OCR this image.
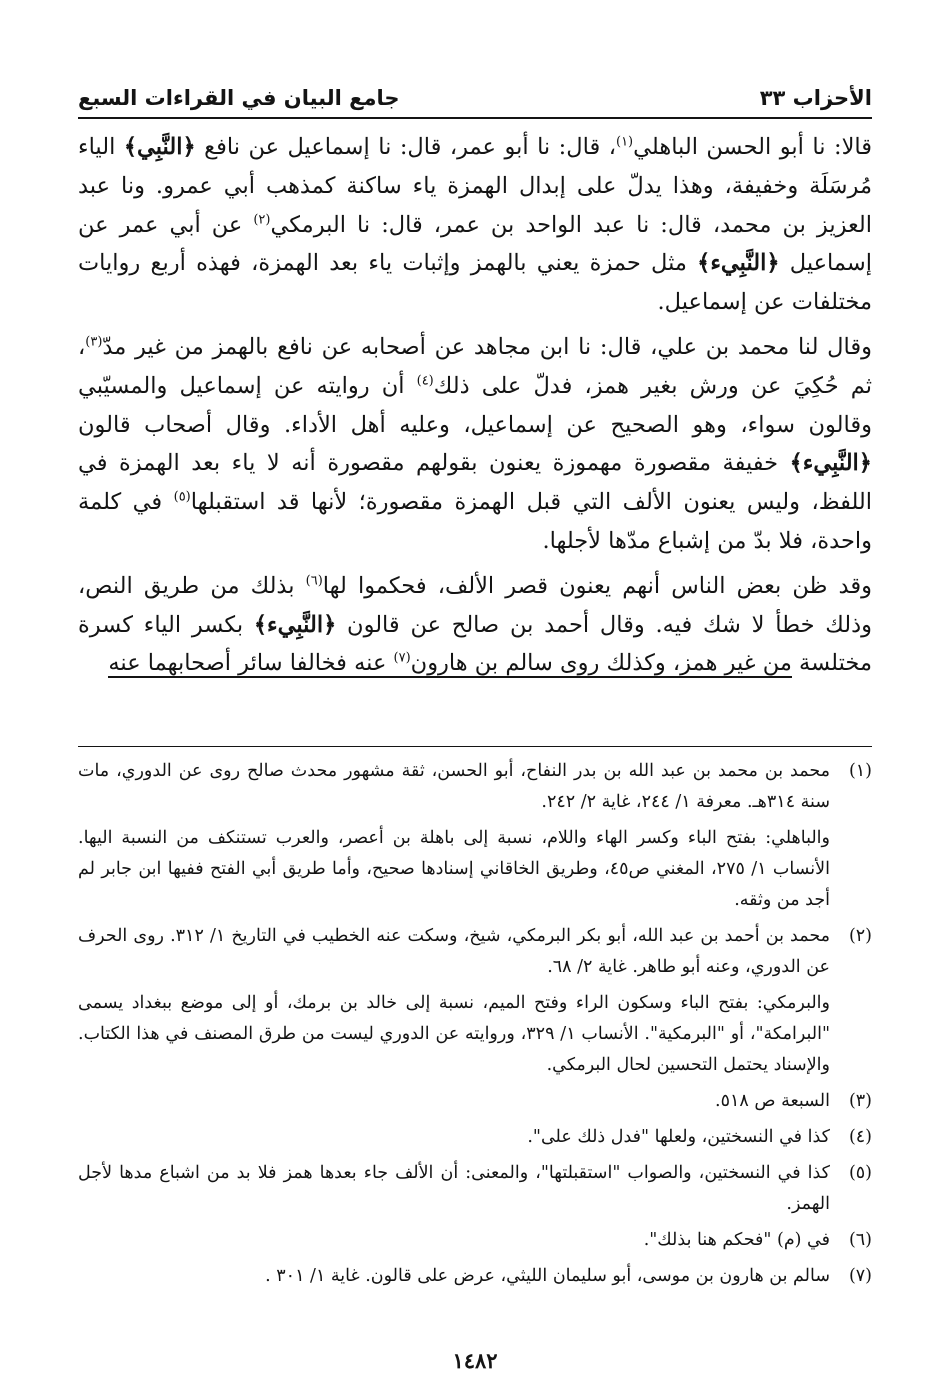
الأحزاب ٣٣
جامع البيان في القراءات السبع

قالا: نا أبو الحسن الباهلي$^{(١)}$، قال: نا أبو عمر، قال: نا إسماعيل عن نافع ﴿النَّبِي﴾ الياء مُرسَلَة وخفيفة، وهذا يدلّ على إبدال الهمزة ياء ساكنة كمذهب أبي عمرو. ونا عبد العزيز بن محمد، قال: نا عبد الواحد بن عمر، قال: نا البرمكي$^{(٢)}$ عن أبي عمر عن إسماعيل ﴿النَّبِيء﴾ مثل حمزة يعني بالهمز وإثبات ياء بعد الهمزة، فهذه أربع روايات مختلفات عن إسماعيل.

وقال لنا محمد بن علي، قال: نا ابن مجاهد عن أصحابه عن نافع بالهمز من غير مدّ$^{(٣)}$، ثم حُكِيَ عن ورش بغير همز، فدلّ على ذلك$^{(٤)}$ أن روايته عن إسماعيل والمسيّبي وقالون سواء، وهو الصحيح عن إسماعيل، وعليه أهل الأداء. وقال أصحاب قالون ﴿النَّبِيء﴾ خفيفة مقصورة مهموزة يعنون بقولهم مقصورة أنه لا ياء بعد الهمزة في اللفظ، وليس يعنون الألف التي قبل الهمزة مقصورة؛ لأنها قد استقبلها$^{(٥)}$ في كلمة واحدة، فلا بدّ من إشباع مدّها لأجلها.

وقد ظن بعض الناس أنهم يعنون قصر الألف، فحكموا لها$^{(٦)}$ بذلك من طريق النص، وذلك خطأ لا شك فيه. وقال أحمد بن صالح عن قالون ﴿النَّبِيء﴾ بكسر الياء كسرة مختلسة من غير همز، وكذلك روى سالم بن هارون$^{(٧)}$ عنه فخالفا سائر أصحابهما عنه

(١)

محمد بن محمد بن عبد الله بن بدر النفاح، أبو الحسن، ثقة مشهور محدث صالح روى عن الدوري، مات سنة ٣١٤هـ. معرفة ١/ ٢٤٤، غاية ٢/ ٢٤٢.

والباهلي: بفتح الباء وكسر الهاء واللام، نسبة إلى باهلة بن أعصر، والعرب تستنكف من النسبة اليها. الأنساب ١/ ٢٧٥، المغني ص٤٥، وطريق الخاقاني إسنادها صحيح، وأما طريق أبي الفتح ففيها ابن جابر لم أجد من وثقه.

(٢)

محمد بن أحمد بن عبد الله، أبو بكر البرمكي، شيخ، وسكت عنه الخطيب في التاريخ ١/ ٣١٢. روى الحرف عن الدوري، وعنه أبو طاهر. غاية ٢/ ٦٨.

والبرمكي: بفتح الباء وسكون الراء وفتح الميم، نسبة إلى خالد بن برمك، أو إلى موضع ببغداد يسمى "البرامكة"، أو "البرمكية". الأنساب ١/ ٣٢٩، وروايته عن الدوري ليست من طرق المصنف في هذا الكتاب. والإسناد يحتمل التحسين لحال البرمكي.

(٣)

السبعة ص ٥١٨.

(٤)

كذا في النسختين، ولعلها "فدل ذلك على".

(٥)

كذا في النسختين، والصواب "استقبلتها"، والمعنى: أن الألف جاء بعدها همز فلا بد من اشباع مدها لأجل الهمز.

(٦)

في (م) "فحكم هنا بذلك".

(٧)

سالم بن هارون بن موسى، أبو سليمان الليثي، عرض على قالون. غاية ١/ ٣٠١ .

١٤٨٢
